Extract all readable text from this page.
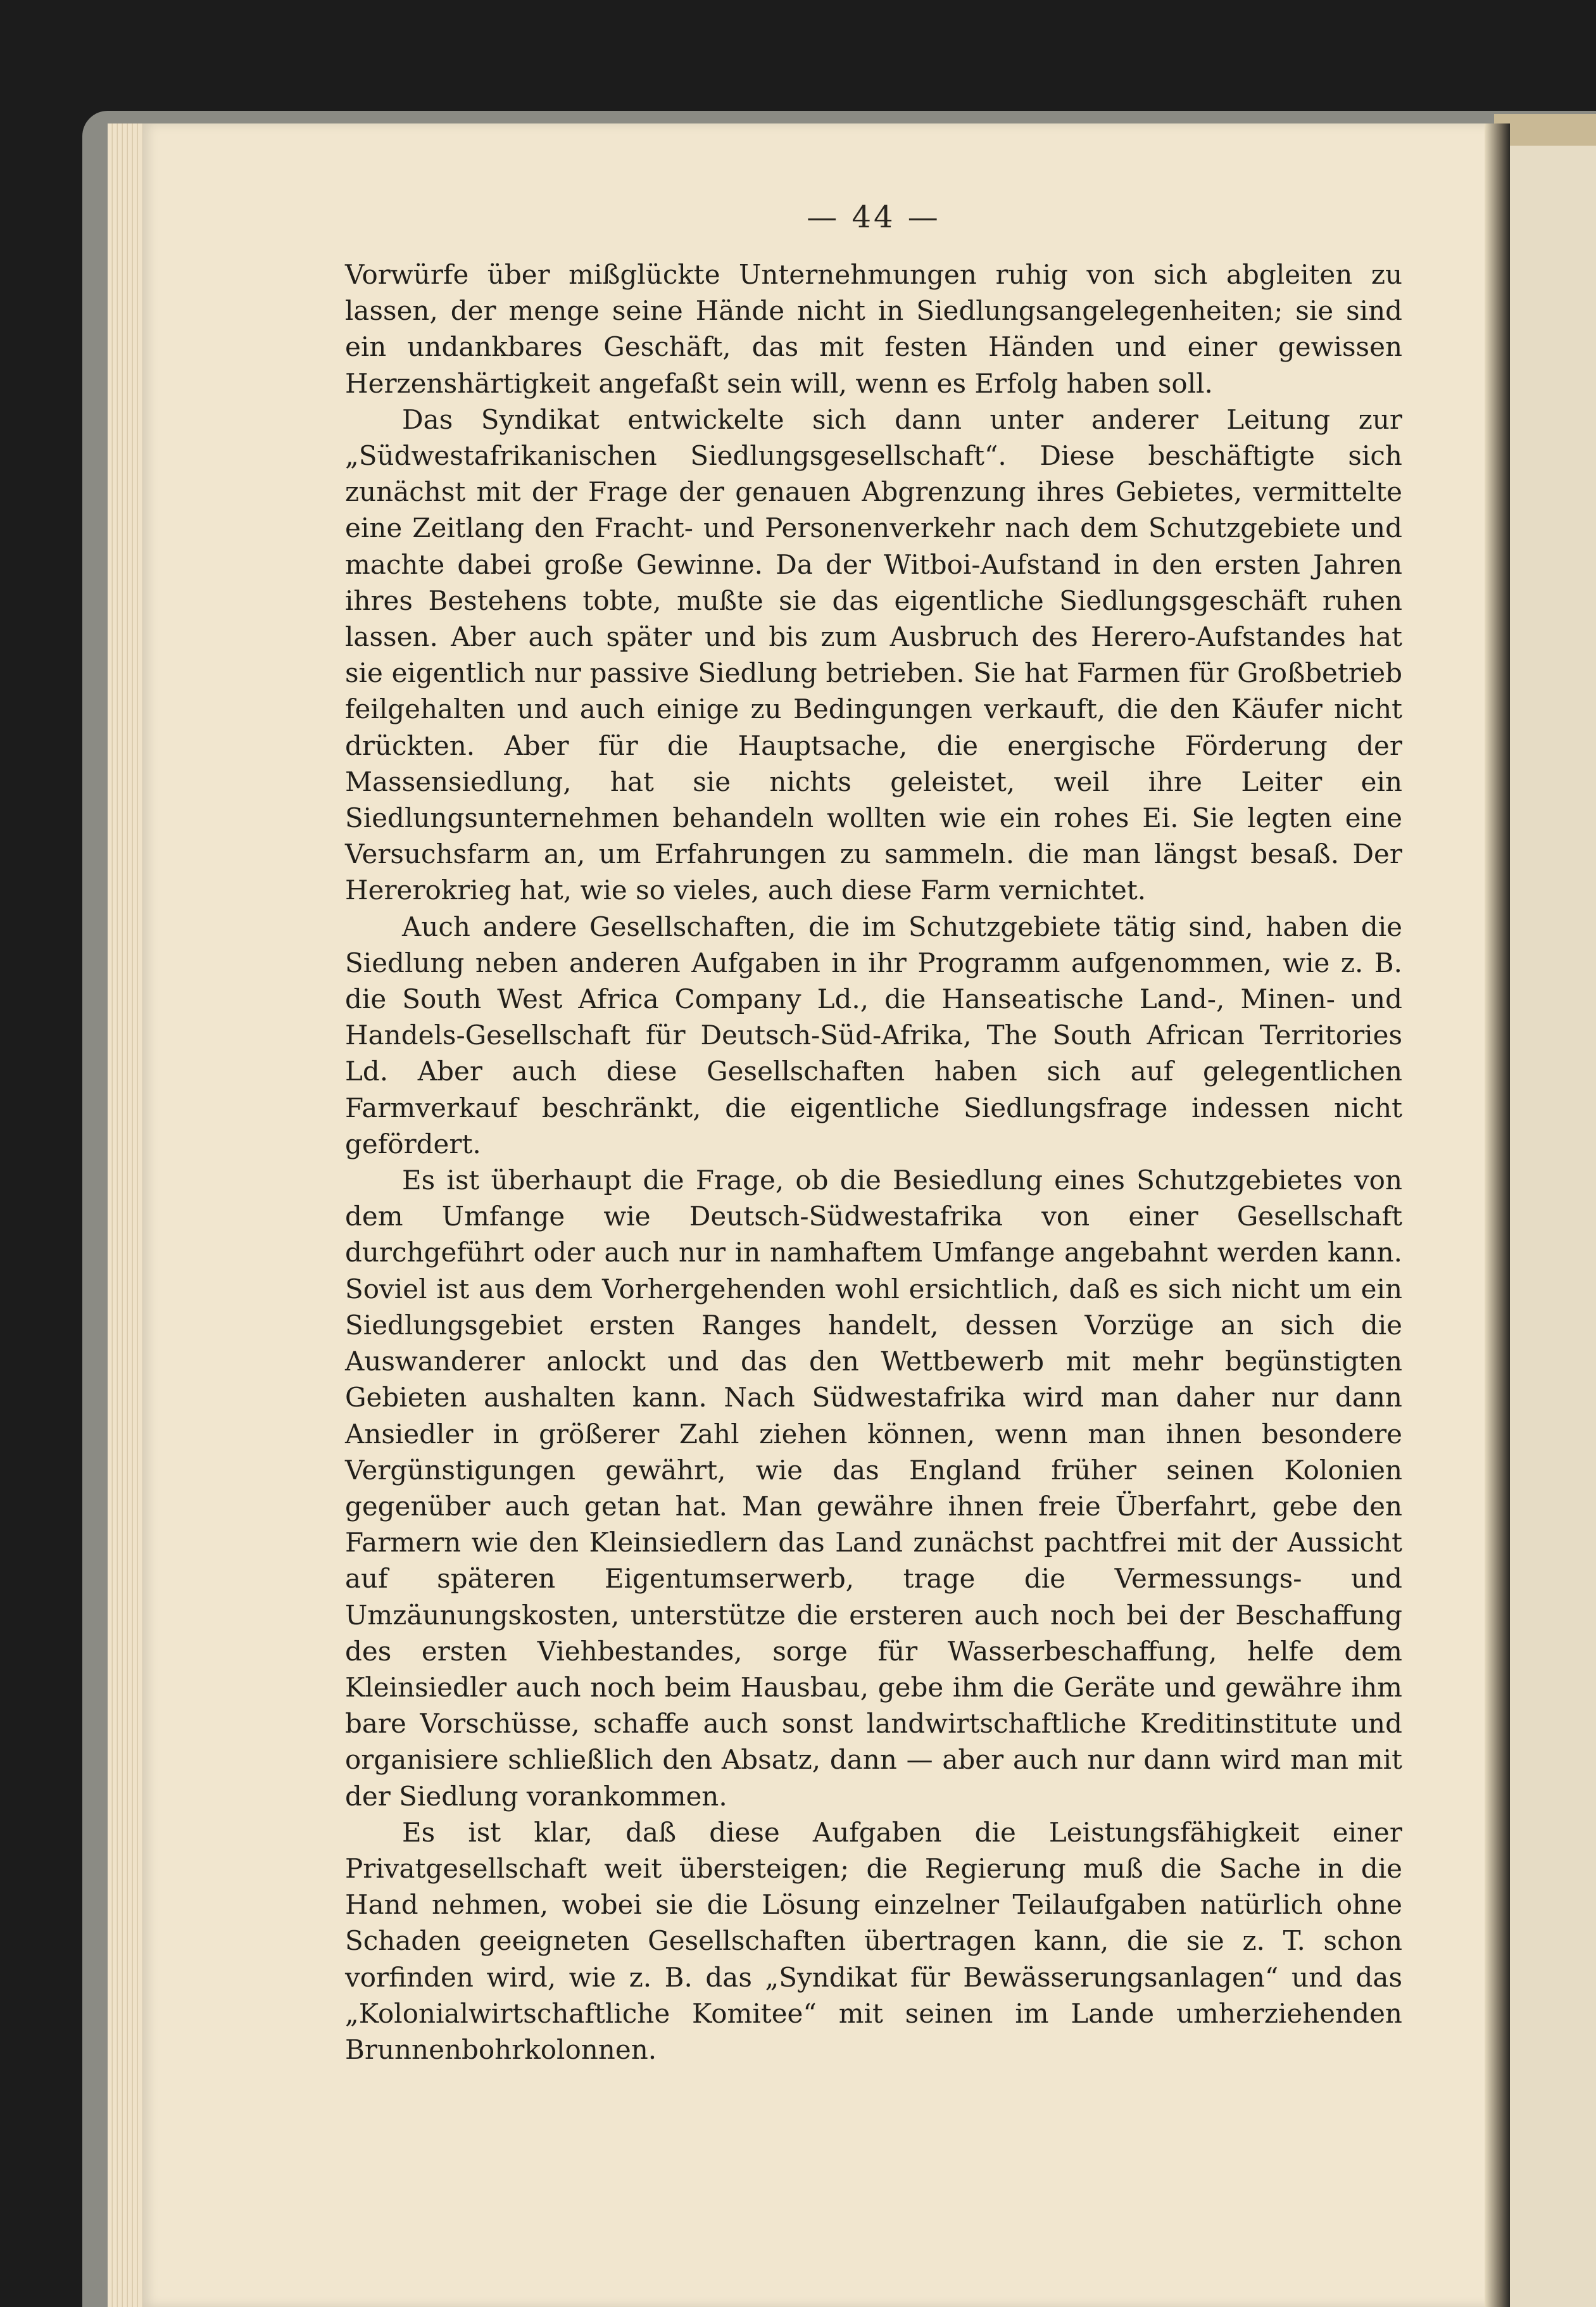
— 44 —

Vorwürfe über mißglückte Unternehmungen ruhig von sich abgleiten zu lassen, der menge seine Hände nicht in Siedlungsangelegenheiten; sie sind ein undankbares Geschäft, das mit festen Händen und einer gewissen Herzenshärtigkeit angefaßt sein will, wenn es Erfolg haben soll.

Das Syndikat entwickelte sich dann unter anderer Leitung zur „Südwestafrikanischen Siedlungsgesellschaft“. Diese beschäftigte sich zunächst mit der Frage der genauen Abgrenzung ihres Gebietes, vermittelte eine Zeitlang den Fracht- und Personenverkehr nach dem Schutzgebiete und machte dabei große Gewinne. Da der Witboi-Aufstand in den ersten Jahren ihres Bestehens tobte, mußte sie das eigentliche Siedlungsgeschäft ruhen lassen. Aber auch später und bis zum Ausbruch des Herero-Aufstandes hat sie eigentlich nur passive Siedlung betrieben. Sie hat Farmen für Großbetrieb feilgehalten und auch einige zu Bedingungen verkauft, die den Käufer nicht drückten. Aber für die Hauptsache, die energische Förderung der Massensiedlung, hat sie nichts geleistet, weil ihre Leiter ein Siedlungsunternehmen behandeln wollten wie ein rohes Ei. Sie legten eine Versuchsfarm an, um Erfahrungen zu sammeln. die man längst besaß. Der Hererokrieg hat, wie so vieles, auch diese Farm vernichtet.

Auch andere Gesellschaften, die im Schutzgebiete tätig sind, haben die Siedlung neben anderen Aufgaben in ihr Programm aufgenommen, wie z. B. die South West Africa Company Ld., die Hanseatische Land-, Minen- und Handels-Gesellschaft für Deutsch-Süd-Afrika, The South African Territories Ld. Aber auch diese Gesellschaften haben sich auf gelegentlichen Farmverkauf beschränkt, die eigentliche Siedlungsfrage indessen nicht gefördert.

Es ist überhaupt die Frage, ob die Besiedlung eines Schutzgebietes von dem Umfange wie Deutsch-Südwestafrika von einer Gesellschaft durchgeführt oder auch nur in namhaftem Umfange angebahnt werden kann. Soviel ist aus dem Vorhergehenden wohl ersichtlich, daß es sich nicht um ein Siedlungsgebiet ersten Ranges handelt, dessen Vorzüge an sich die Auswanderer anlockt und das den Wettbewerb mit mehr begünstigten Gebieten aushalten kann. Nach Südwestafrika wird man daher nur dann Ansiedler in größerer Zahl ziehen können, wenn man ihnen besondere Vergünstigungen gewährt, wie das England früher seinen Kolonien gegenüber auch getan hat. Man gewähre ihnen freie Überfahrt, gebe den Farmern wie den Kleinsiedlern das Land zunächst pachtfrei mit der Aussicht auf späteren Eigentumserwerb, trage die Vermessungs- und Umzäunungskosten, unterstütze die ersteren auch noch bei der Beschaffung des ersten Viehbestandes, sorge für Wasserbeschaffung, helfe dem Kleinsiedler auch noch beim Hausbau, gebe ihm die Geräte und gewähre ihm bare Vorschüsse, schaffe auch sonst landwirtschaftliche Kreditinstitute und organisiere schließlich den Absatz, dann — aber auch nur dann wird man mit der Siedlung vorankommen.

Es ist klar, daß diese Aufgaben die Leistungsfähigkeit einer Privatgesellschaft weit übersteigen; die Regierung muß die Sache in die Hand nehmen, wobei sie die Lösung einzelner Teilaufgaben natürlich ohne Schaden geeigneten Gesellschaften übertragen kann, die sie z. T. schon vorfinden wird, wie z. B. das „Syndikat für Bewässerungsanlagen“ und das „Kolonialwirtschaftliche Komitee“ mit seinen im Lande umherziehenden Brunnenbohrkolonnen.
